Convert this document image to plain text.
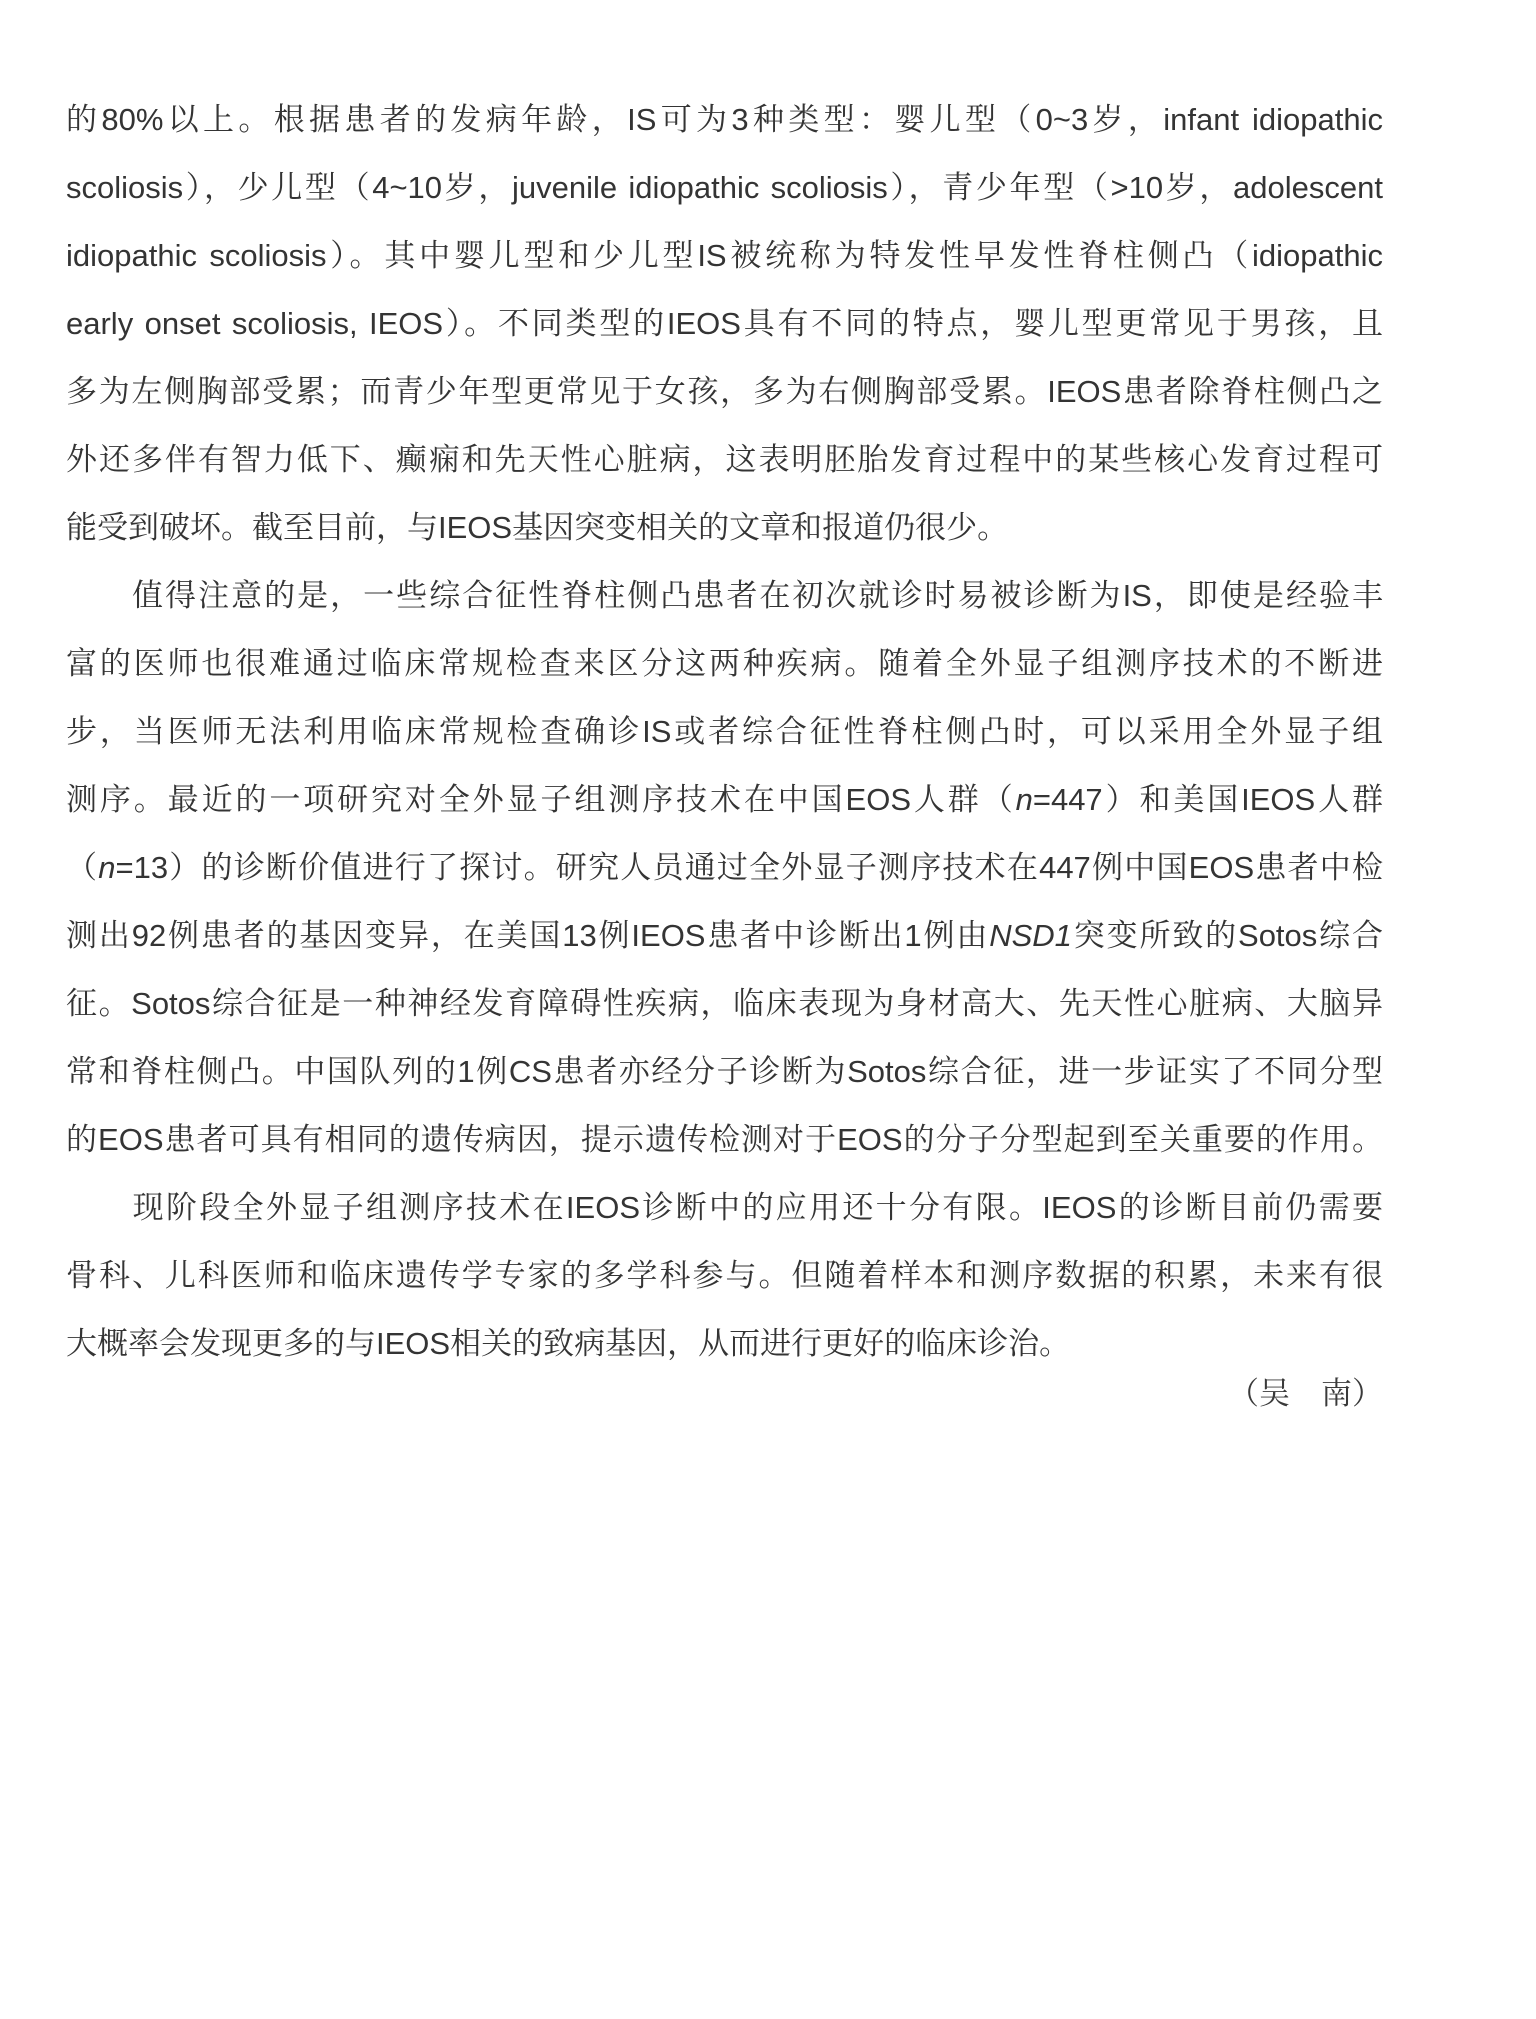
的80%以上。根据患者的发病年龄，IS可为3种类型：婴儿型（0~3岁，infant idiopathic
scoliosis），少儿型（4~10岁，juvenile idiopathic scoliosis），青少年型（>10岁，adolescent
idiopathic scoliosis）。其中婴儿型和少儿型IS被统称为特发性早发性脊柱侧凸（idiopathic
early onset scoliosis, IEOS）。不同类型的IEOS具有不同的特点，婴儿型更常见于男孩，且
多为左侧胸部受累；而青少年型更常见于女孩，多为右侧胸部受累。IEOS患者除脊柱侧凸之
外还多伴有智力低下、癫痫和先天性心脏病，这表明胚胎发育过程中的某些核心发育过程可
能受到破坏。截至目前，与IEOS基因突变相关的文章和报道仍很少。
　　值得注意的是，一些综合征性脊柱侧凸患者在初次就诊时易被诊断为IS，即使是经验丰
富的医师也很难通过临床常规检查来区分这两种疾病。随着全外显子组测序技术的不断进
步，当医师无法利用临床常规检查确诊IS或者综合征性脊柱侧凸时，可以采用全外显子组
测序。最近的一项研究对全外显子组测序技术在中国EOS人群（n=447）和美国IEOS人群
（n=13）的诊断价值进行了探讨。研究人员通过全外显子测序技术在447例中国EOS患者中检
测出92例患者的基因变异，在美国13例IEOS患者中诊断出1例由NSD1突变所致的Sotos综合
征。Sotos综合征是一种神经发育障碍性疾病，临床表现为身材高大、先天性心脏病、大脑异
常和脊柱侧凸。中国队列的1例CS患者亦经分子诊断为Sotos综合征，进一步证实了不同分型
的EOS患者可具有相同的遗传病因，提示遗传检测对于EOS的分子分型起到至关重要的作用。
　　现阶段全外显子组测序技术在IEOS诊断中的应用还十分有限。IEOS的诊断目前仍需要
骨科、儿科医师和临床遗传学专家的多学科参与。但随着样本和测序数据的积累，未来有很
大概率会发现更多的与IEOS相关的致病基因，从而进行更好的临床诊治。
（吴　南）
